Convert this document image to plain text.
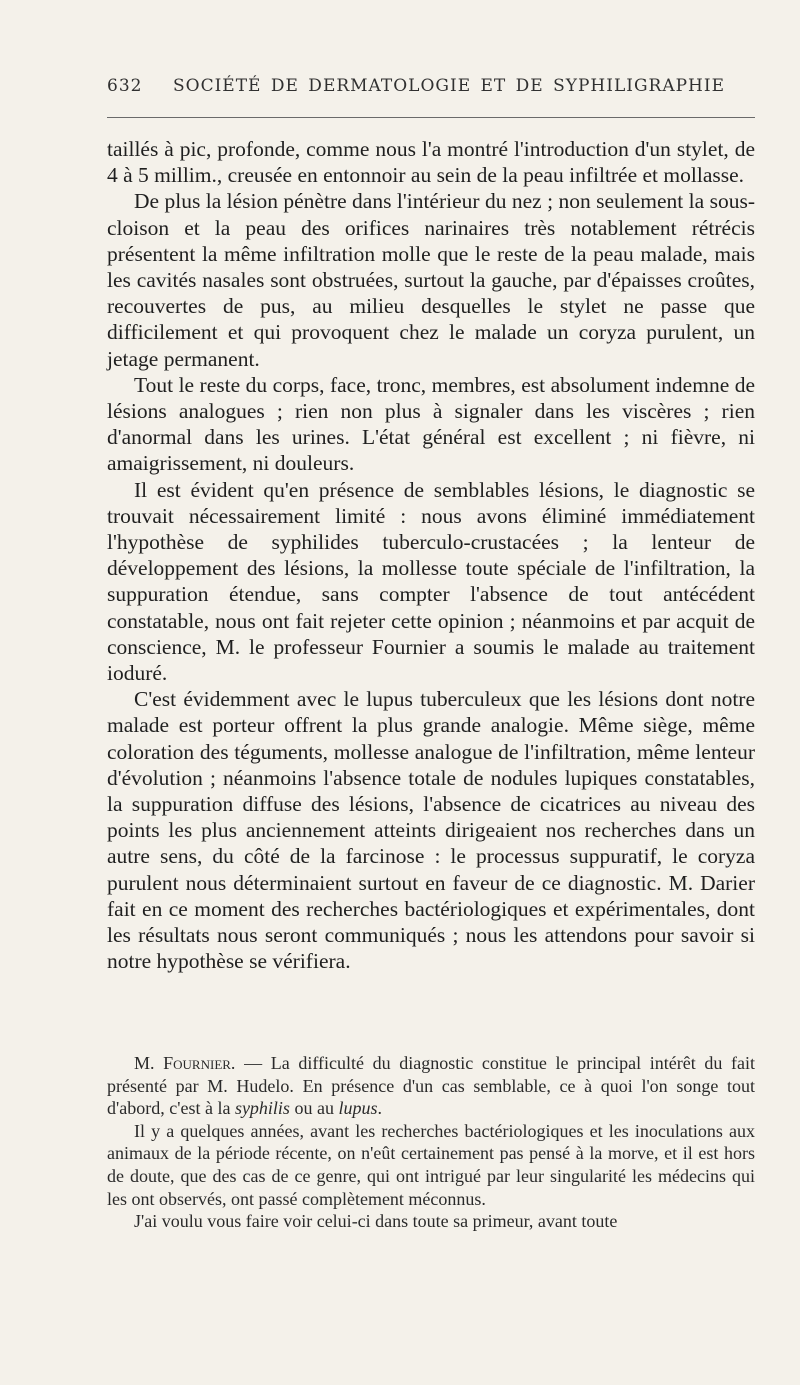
632 SOCIÉTÉ DE DERMATOLOGIE ET DE SYPHILIGRAPHIE

taillés à pic, profonde, comme nous l'a montré l'introduction d'un stylet, de 4 à 5 millim., creusée en entonnoir au sein de la peau infiltrée et mollasse.

De plus la lésion pénètre dans l'intérieur du nez ; non seulement la sous-cloison et la peau des orifices narinaires très notablement rétrécis présentent la même infiltration molle que le reste de la peau malade, mais les cavités nasales sont obstruées, surtout la gauche, par d'épaisses croûtes, recouvertes de pus, au milieu desquelles le stylet ne passe que difficilement et qui provoquent chez le malade un coryza purulent, un jetage permanent.

Tout le reste du corps, face, tronc, membres, est absolument indemne de lésions analogues ; rien non plus à signaler dans les viscères ; rien d'anormal dans les urines. L'état général est excellent ; ni fièvre, ni amaigrissement, ni douleurs.

Il est évident qu'en présence de semblables lésions, le diagnostic se trouvait nécessairement limité : nous avons éliminé immédiatement l'hypothèse de syphilides tuberculo-crustacées ; la lenteur de développement des lésions, la mollesse toute spéciale de l'infiltration, la suppuration étendue, sans compter l'absence de tout antécédent constatable, nous ont fait rejeter cette opinion ; néanmoins et par acquit de conscience, M. le professeur Fournier a soumis le malade au traitement ioduré.

C'est évidemment avec le lupus tuberculeux que les lésions dont notre malade est porteur offrent la plus grande analogie. Même siège, même coloration des téguments, mollesse analogue de l'infiltration, même lenteur d'évolution ; néanmoins l'absence totale de nodules lupiques constatables, la suppuration diffuse des lésions, l'absence de cicatrices au niveau des points les plus anciennement atteints dirigeaient nos recherches dans un autre sens, du côté de la farcinose : le processus suppuratif, le coryza purulent nous déterminaient surtout en faveur de ce diagnostic. M. Darier fait en ce moment des recherches bactériologiques et expérimentales, dont les résultats nous seront communiqués ; nous les attendons pour savoir si notre hypothèse se vérifiera.

M. Fournier. — La difficulté du diagnostic constitue le principal intérêt du fait présenté par M. Hudelo. En présence d'un cas semblable, ce à quoi l'on songe tout d'abord, c'est à la syphilis ou au lupus.

Il y a quelques années, avant les recherches bactériologiques et les inoculations aux animaux de la période récente, on n'eût certainement pas pensé à la morve, et il est hors de doute, que des cas de ce genre, qui ont intrigué par leur singularité les médecins qui les ont observés, ont passé complètement méconnus.

J'ai voulu vous faire voir celui-ci dans toute sa primeur, avant toute
